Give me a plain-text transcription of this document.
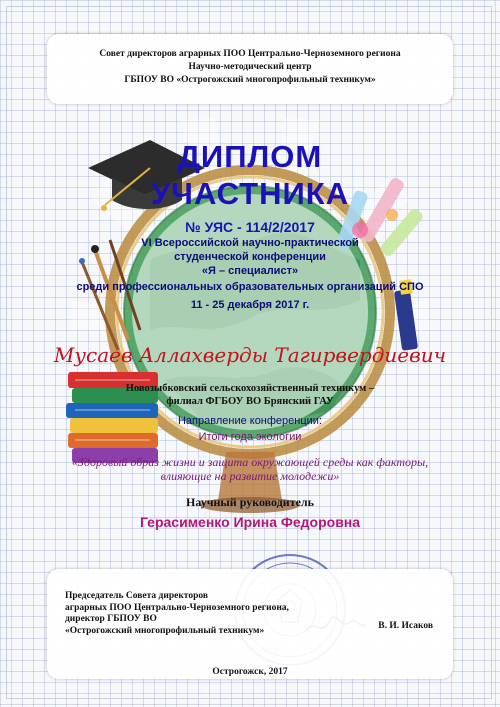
Совет директоров аграрных ПОО Центрально-Черноземного региона
Научно-методический центр
ГБПОУ ВО «Острогожский многопрофильный техникум»
ДИПЛОМ
УЧАСТНИКА
№ УЯС - 114/2/2017
VI Всероссийской научно-практической
студенческой конференции
«Я – специалист»
среди профессиональных образовательных организаций СПО
11 - 25 декабря 2017 г.
Мусаев Аллахверды Тагирвердиевич
Новозыбковский сельскохозяйственный техникум –
филиал ФГБОУ ВО Брянский ГАУ
Направление конференции:
Итоги года экологии
«Здоровый образ жизни и защита окружающей среды как факторы,
влияющие на развитие молодежи»
Научный руководитель
Герасименко Ирина Федоровна
Председатель Совета директоров
аграрных ПОО Центрально-Черноземного региона,
директор ГБПОУ ВО
«Острогожский многопрофильный техникум»	В. И. Исаков
Острогожск, 2017
